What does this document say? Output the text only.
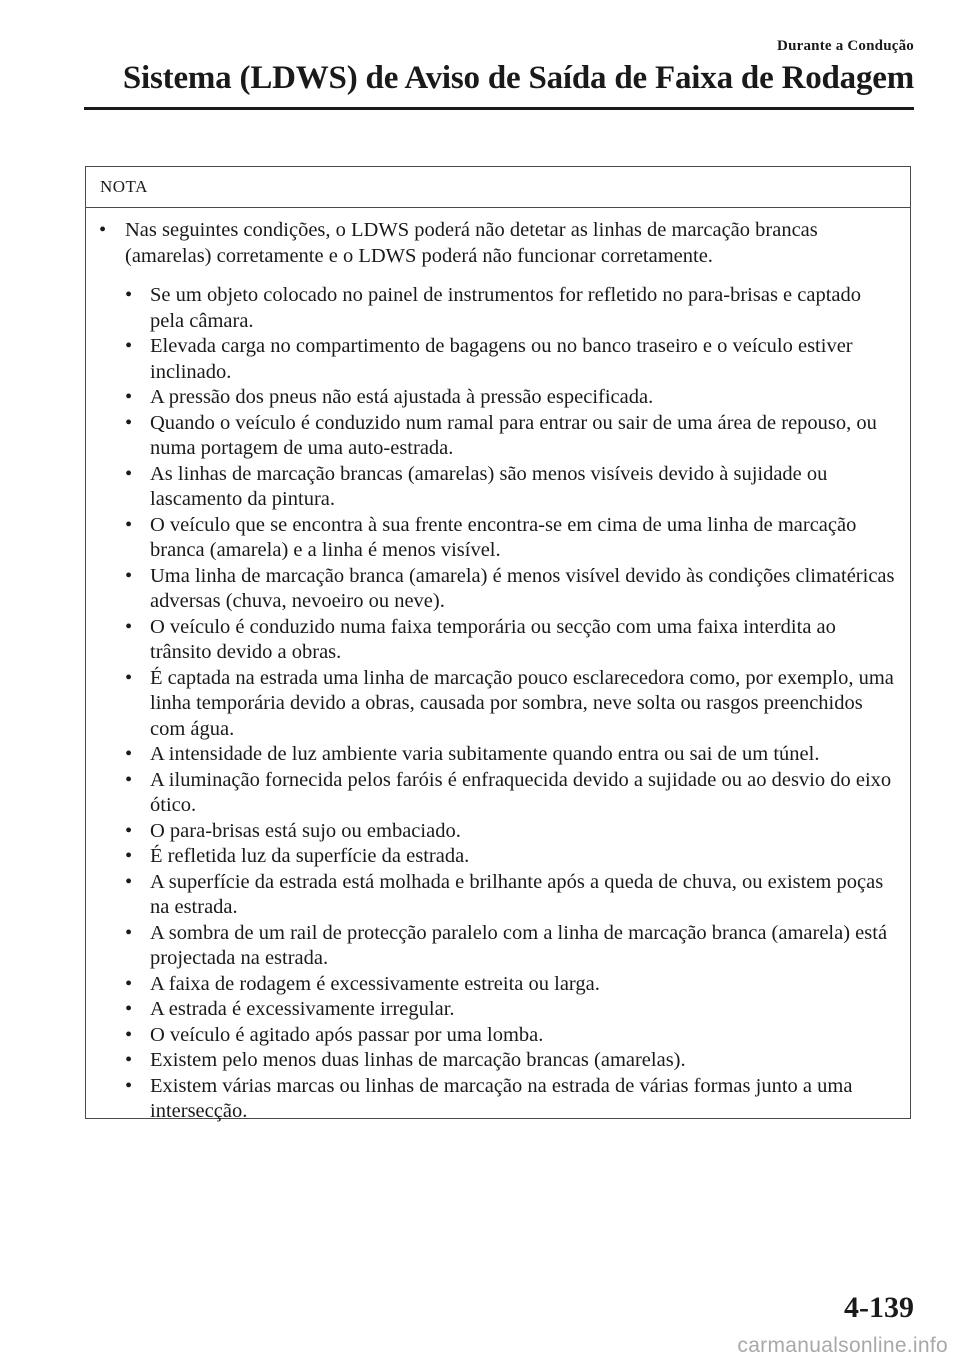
Durante a Condução
Sistema (LDWS) de Aviso de Saída de Faixa de Rodagem
NOTA

• Nas seguintes condições, o LDWS poderá não detetar as linhas de marcação brancas (amarelas) corretamente e o LDWS poderá não funcionar corretamente.

• Se um objeto colocado no painel de instrumentos for refletido no para-brisas e captado pela câmara.
• Elevada carga no compartimento de bagagens ou no banco traseiro e o veículo estiver inclinado.
• A pressão dos pneus não está ajustada à pressão especificada.
• Quando o veículo é conduzido num ramal para entrar ou sair de uma área de repouso, ou numa portagem de uma auto-estrada.
• As linhas de marcação brancas (amarelas) são menos visíveis devido à sujidade ou lascamento da pintura.
• O veículo que se encontra à sua frente encontra-se em cima de uma linha de marcação branca (amarela) e a linha é menos visível.
• Uma linha de marcação branca (amarela) é menos visível devido às condições climatéricas adversas (chuva, nevoeiro ou neve).
• O veículo é conduzido numa faixa temporária ou secção com uma faixa interdita ao trânsito devido a obras.
• É captada na estrada uma linha de marcação pouco esclarecedora como, por exemplo, uma linha temporária devido a obras, causada por sombra, neve solta ou rasgos preenchidos com água.
• A intensidade de luz ambiente varia subitamente quando entra ou sai de um túnel.
• A iluminação fornecida pelos faróis é enfraquecida devido a sujidade ou ao desvio do eixo ótico.
• O para-brisas está sujo ou embaciado.
• É refletida luz da superfície da estrada.
• A superfície da estrada está molhada e brilhante após a queda de chuva, ou existem poças na estrada.
• A sombra de um rail de protecção paralelo com a linha de marcação branca (amarela) está projectada na estrada.
• A faixa de rodagem é excessivamente estreita ou larga.
• A estrada é excessivamente irregular.
• O veículo é agitado após passar por uma lomba.
• Existem pelo menos duas linhas de marcação brancas (amarelas).
• Existem várias marcas ou linhas de marcação na estrada de várias formas junto a uma intersecção.
4-139
carmanualsonline.info
